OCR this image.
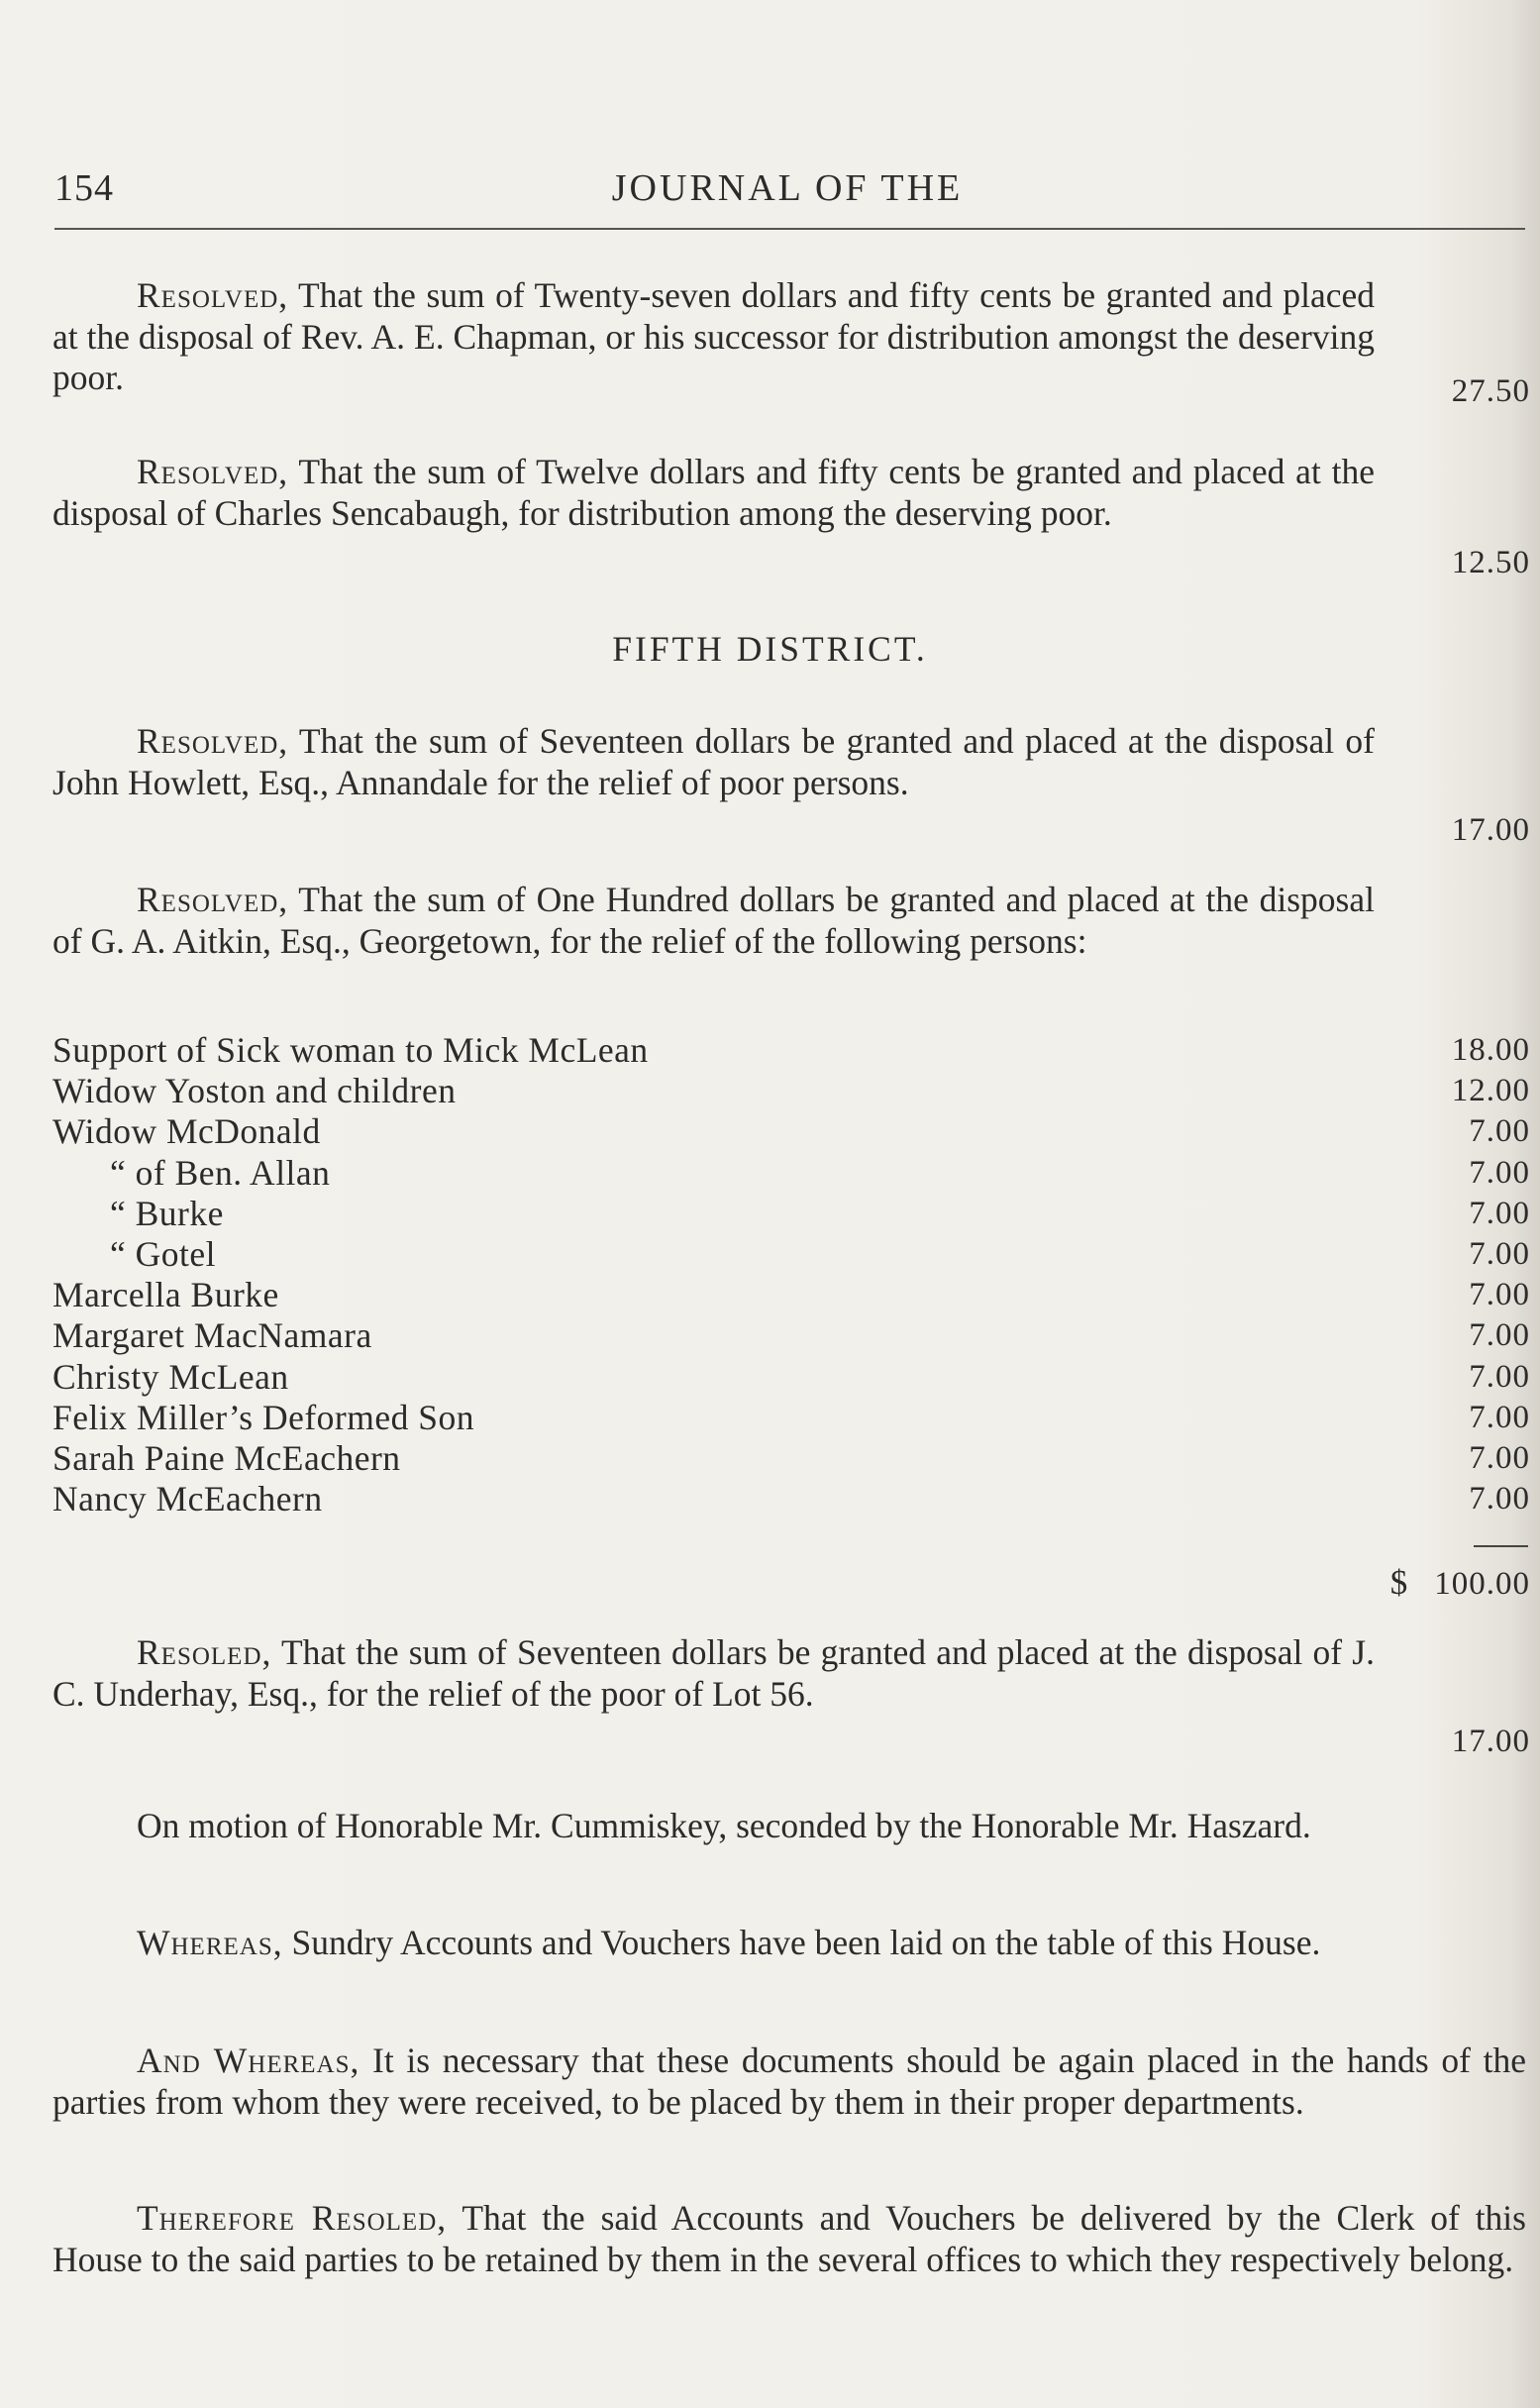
154	JOURNAL OF THE
Resolved, That the sum of Twenty-seven dollars and fifty cents be granted and placed at the disposal of Rev. A. E. Chapman, or his successor for distribution amongst the deserving poor.	27.50
Resolved, That the sum of Twelve dollars and fifty cents be granted and placed at the disposal of Charles Sencabaugh, for distribution among the deserving poor.
12.50
FIFTH DISTRICT.
Resolved, That the sum of Seventeen dollars be granted and placed at the disposal of John Howlett, Esq., Annandale for the relief of poor persons.
17.00
Resolved, That the sum of One Hundred dollars be granted and placed at the disposal of G. A. Aitkin, Esq., Georgetown, for the relief of the following persons:
Support of Sick woman to Mick McLean	18.00
Widow Yoston and children	12.00
Widow McDonald	7.00
“ of Ben. Allan	7.00
“ Burke	7.00
“ Gotel	7.00
Marcella Burke	7.00
Margaret MacNamara	7.00
Christy McLean	7.00
Felix Miller’s Deformed Son	7.00
Sarah Paine McEachern	7.00
Nancy McEachern	7.00
$ 100.00
Resoled, That the sum of Seventeen dollars be granted and placed at the disposal of J. C. Underhay, Esq., for the relief of the poor of Lot 56.
17.00
On motion of Honorable Mr. Cummiskey, seconded by the Honorable Mr. Haszard.
Whereas, Sundry Accounts and Vouchers have been laid on the table of this House.
And Whereas, It is necessary that these documents should be again placed in the hands of the parties from whom they were received, to be placed by them in their proper departments.
Therefore Resoled, That the said Accounts and Vouchers be delivered by the Clerk of this House to the said parties to be retained by them in the several offices to which they respectively belong.
